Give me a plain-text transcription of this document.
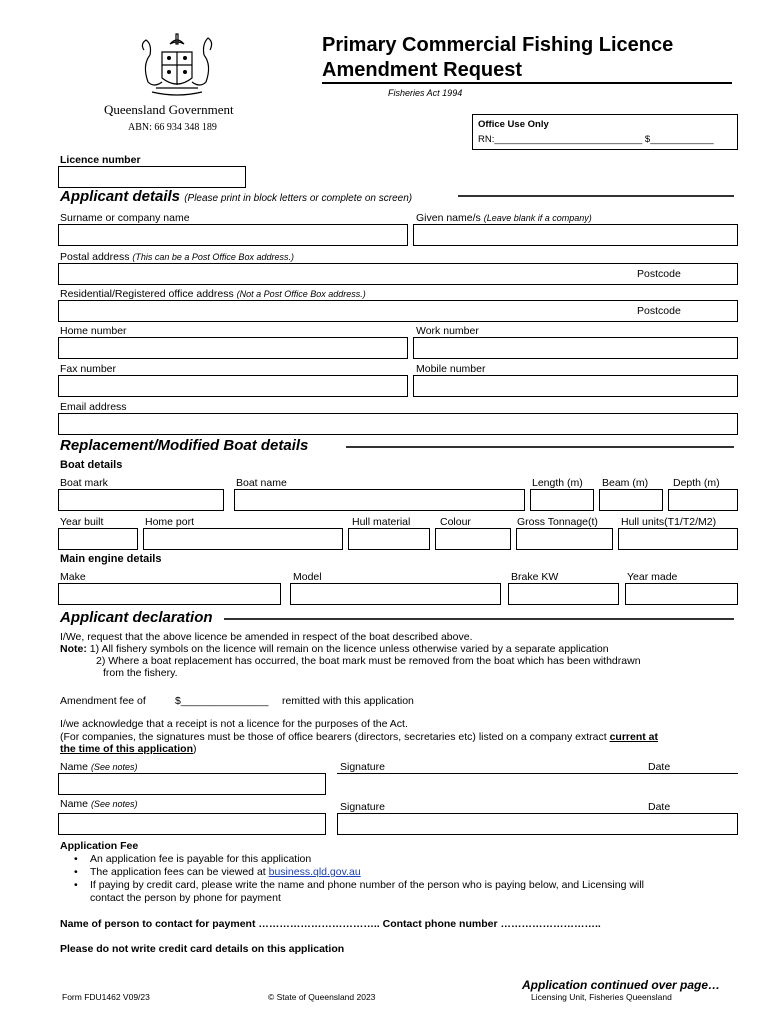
Queensland Government
ABN: 66 934 348 189
Primary Commercial Fishing Licence
Amendment Request
Fisheries Act 1994
Office Use Only
RN:____________________________ $____________
Licence number
Applicant details (Please print in block letters or complete on screen)
Surname or company name	Given name/s (Leave blank if a company)
Postal address (This can be a Post Office Box address.)
Postcode
Residential/Registered office address (Not a Post Office Box address.)
Postcode
Home number	Work number
Fax number	Mobile number
Email address
Replacement/Modified Boat details
Boat details
Boat mark	Boat name	Length (m) Beam (m) Depth (m)
Year built	Home port	Hull material	Colour	Gross Tonnage(t) Hull units(T1/T2/M2)
Main engine details
Make	Model	Brake KW	Year made
Applicant declaration
I/We, request that the above licence be amended in respect of the boat described above.
Note: 1) All fishery symbols on the licence will remain on the licence unless otherwise varied by a separate application
2) Where a boat replacement has occurred, the boat mark must be removed from the boat which has been withdrawn
from the fishery.
Amendment fee of	$_______________ remitted with this application
I/we acknowledge that a receipt is not a licence for the purposes of the Act.
(For companies, the signatures must be those of office bearers (directors, secretaries etc) listed on a company extract current at
the time of this application)
Name (See notes)	Signature	Date
Name (See notes)	Signature	Date
Application Fee
• An application fee is payable for this application
• The application fees can be viewed at business.qld.gov.au
• If paying by credit card, please write the name and phone number of the person who is paying below, and Licensing will
contact the person by phone for payment
Name of person to contact for payment …………………………….. Contact phone number ………………………..
Please do not write credit card details on this application
Application continued over page…
Form FDU1462 V09/23	© State of Queensland 2023	Licensing Unit, Fisheries Queensland
